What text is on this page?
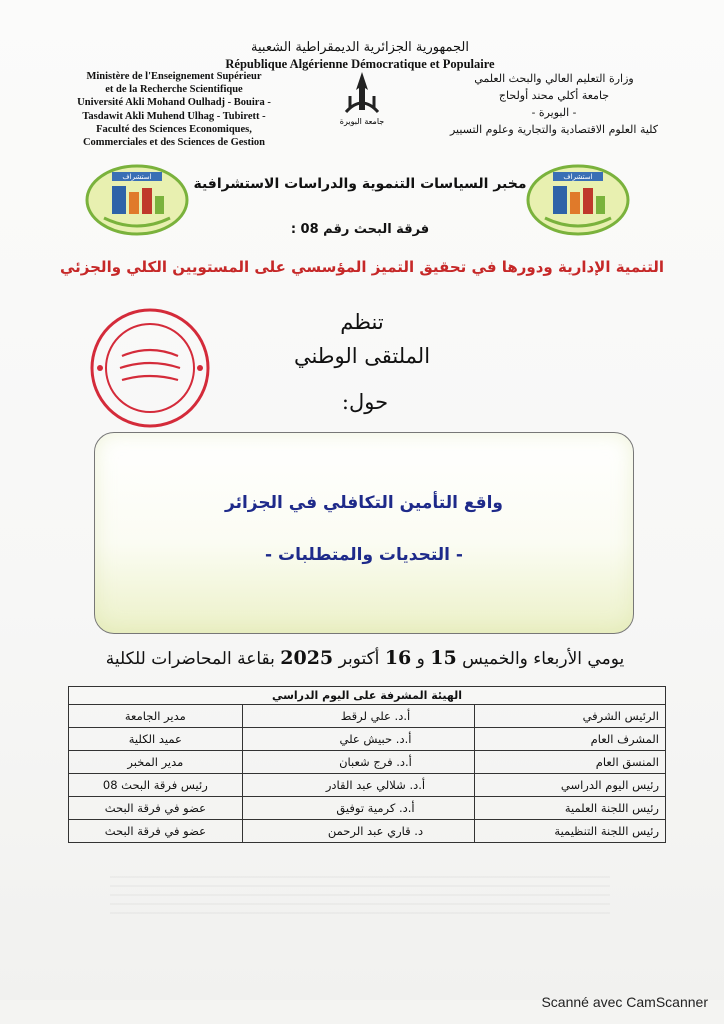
الجمهورية الجزائرية الديمقراطية الشعبية
République Algérienne Démocratique et Populaire
Ministère de l'Enseignement Supérieur
et de la Recherche Scientifique
Université Akli Mohand Oulhadj - Bouira -
Tasdawit Akli Muhend Ulhag - Tubirett -
Faculté des Sciences Economiques,
Commerciales et des Sciences de Gestion
وزارة التعليم العالي والبحث العلمي
جامعة أكلي محند أولحاج
- البويرة -
كلية العلوم الاقتصادية والتجارية وعلوم التسيير
جامعة البويرة
استشراف	استشراف
مخبر السياسات التنموية والدراسات الاستشرافية
فرقة البحث رقم 08 :
التنمية الإدارية ودورها في تحقيق التميز المؤسسي على المستويين الكلي والجزئي
تنظم
الملتقى الوطني
حول:
واقع التأمين التكافلي في الجزائر
- التحديات والمتطلبات -
يومي الأربعاء والخميس 15 و 16 أكتوبر 2025 بقاعة المحاضرات للكلية
الهيئة المشرفة على اليوم الدراسي		
الرئيس الشرفي	أ.د. علي لرقط	مدير الجامعة
المشرف العام	أ.د. حبيش علي	عميد الكلية
المنسق العام	أ.د. فرج شعبان	مدير المخبر
رئيس اليوم الدراسي	أ.د. شلالي عبد القادر	رئيس فرقة البحث 08
رئيس اللجنة العلمية	أ.د. كرمية توفيق	عضو في فرقة البحث
رئيس اللجنة التنظيمية	د. قاري عبد الرحمن	عضو في فرقة البحث
Scanné avec CamScanner
